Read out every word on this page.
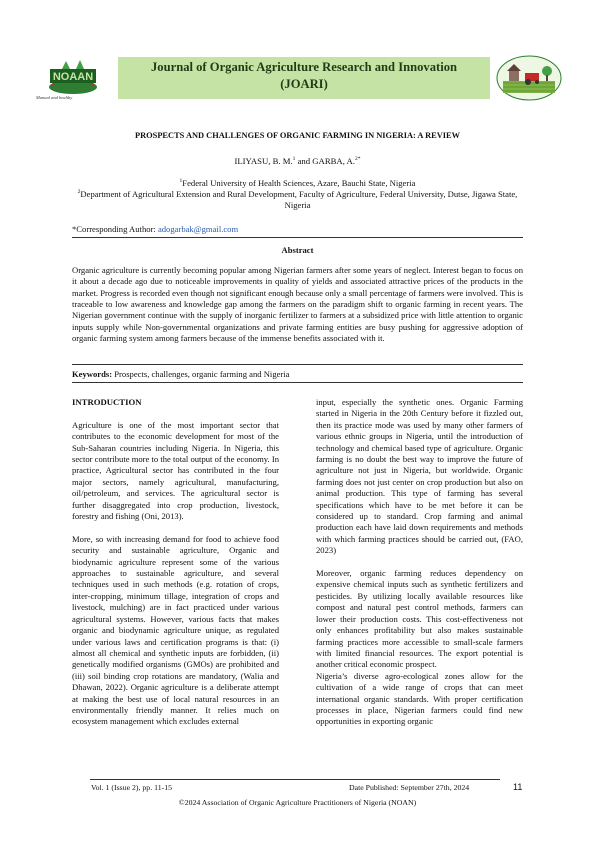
NOAAN
Manual and healthy
Journal of Organic Agriculture Research and Innovation
(JOARI)
PROSPECTS AND CHALLENGES OF ORGANIC FARMING IN NIGERIA: A REVIEW
ILIYASU, B. M.$^1$ and GARBA, A.$^{2*}$
$^1$Federal University of Health Sciences, Azare, Bauchi State, Nigeria
$^2$Department of Agricultural Extension and Rural Development, Faculty of Agriculture, Federal University, Dutse, Jigawa State, Nigeria
*Corresponding Author: adogarbak@gmail.com
Abstract
Organic agriculture is currently becoming popular among Nigerian farmers after some years of neglect. Interest began to focus on it about a decade ago due to noticeable improvements in quality of yields and associated attractive prices of the products in the market. Progress is recorded even though not significant enough because only a small percentage of farmers were involved. This is traceable to low awareness and knowledge gap among the farmers on the paradigm shift to organic farming in recent years. The Nigerian government continue with the supply of inorganic fertilizer to farmers at a subsidized price with little attention to organic inputs supply while Non-governmental organizations and private farming entities are busy pushing for aggressive adoption of organic farming system among farmers because of the immense benefits associated with it.
Keywords: Prospects, challenges, organic farming and Nigeria

INTRODUCTION

Agriculture is one of the most important sector that contributes to the economic development for most of the Sub-Saharan countries including Nigeria. In Nigeria, this sector contribute more to the total output of the economy. In practice, Agricultural sector has contributed in the four major sectors, namely agricultural, manufacturing, oil/petroleum, and services. The agricultural sector is further disaggregated into crop production, livestock, forestry and fishing (Oni, 2013).

More, so with increasing demand for food to achieve food security and sustainable agriculture, Organic and biodynamic agriculture represent some of the various approaches to sustainable agriculture, and several techniques used in such methods (e.g. rotation of crops, inter-cropping, minimum tillage, integration of crops and livestock, mulching) are in fact practiced under various agricultural systems. However, various facts that makes organic and biodynamic agriculture unique, as regulated under various laws and certification programs is that: (i) almost all chemical and synthetic inputs are forbidden, (ii) genetically modified organisms (GMOs) are prohibited and (iii) soil binding crop rotations are mandatory, (Walia and Dhawan, 2022). Organic agriculture is a deliberate attempt at making the best use of local natural resources in an environmentally friendly manner. It relies much on ecosystem management which excludes external

input, especially the synthetic ones. Organic Farming started in Nigeria in the 20th Century before it fizzled out, then its practice mode was used by many other farmers of various ethnic groups in Nigeria, until the introduction of technology and chemical based type of agriculture. Organic farming is no doubt the best way to improve the future of agriculture not just in Nigeria, but worldwide. Organic farming does not just center on crop production but also on animal production. This type of farming has several specifications which have to be met before it can be considered up to standard. Crop farming and animal production each have laid down requirements and methods with which farming practices should be carried out, (FAO, 2023)

Moreover, organic farming reduces dependency on expensive chemical inputs such as synthetic fertilizers and pesticides. By utilizing locally available resources like compost and natural pest control methods, farmers can lower their production costs. This cost-effectiveness not only enhances profitability but also makes sustainable farming practices more accessible to small-scale farmers with limited financial resources. The export potential is another critical economic prospect.

Nigeria’s diverse agro-ecological zones allow for the cultivation of a wide range of crops that can meet international organic standards. With proper certification processes in place, Nigerian farmers could find new opportunities in exporting organic

Vol. 1 (Issue 2), pp. 11-15	Date Published: September 27th, 2024	11
©2024 Association of Organic Agriculture Practitioners of Nigeria (NOAN)
